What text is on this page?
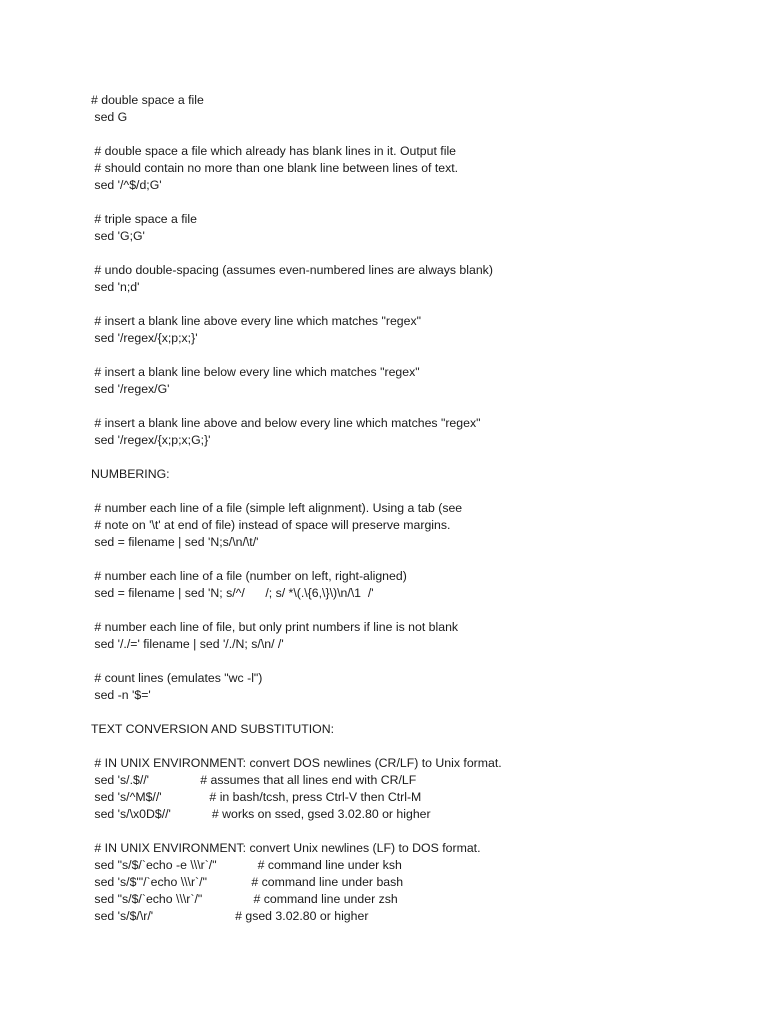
# double space a file
sed G
# double space a file which already has blank lines in it. Output file
# should contain no more than one blank line between lines of text.
sed '/^$/d;G'
# triple space a file
sed 'G;G'
# undo double-spacing (assumes even-numbered lines are always blank)
sed 'n;d'
# insert a blank line above every line which matches "regex"
sed '/regex/{x;p;x;}'
# insert a blank line below every line which matches "regex"
sed '/regex/G'
# insert a blank line above and below every line which matches "regex"
sed '/regex/{x;p;x;G;}'
NUMBERING:
# number each line of a file (simple left alignment). Using a tab (see
# note on '\t' at end of file) instead of space will preserve margins.
sed = filename | sed 'N;s/\n/\t/'
# number each line of a file (number on left, right-aligned)
sed = filename | sed 'N; s/^/      /; s/ *\(.\{6,\}\)\n/\1  /'
# number each line of file, but only print numbers if line is not blank
sed '/./=' filename | sed '/./N; s/\n/ /'
# count lines (emulates "wc -l")
sed -n '$='
TEXT CONVERSION AND SUBSTITUTION:
# IN UNIX ENVIRONMENT: convert DOS newlines (CR/LF) to Unix format.
sed 's/.$//'               # assumes that all lines end with CR/LF
sed 's/^M$//'              # in bash/tcsh, press Ctrl-V then Ctrl-M
sed 's/\x0D$//'            # works on ssed, gsed 3.02.80 or higher
# IN UNIX ENVIRONMENT: convert Unix newlines (LF) to DOS format.
sed "s/$/`echo -e \\\r`/"            # command line under ksh
sed 's/$'"/`echo \\\r`/"             # command line under bash
sed "s/$/`echo \\\r`/"               # command line under zsh
sed 's/$/\r/'                        # gsed 3.02.80 or higher
